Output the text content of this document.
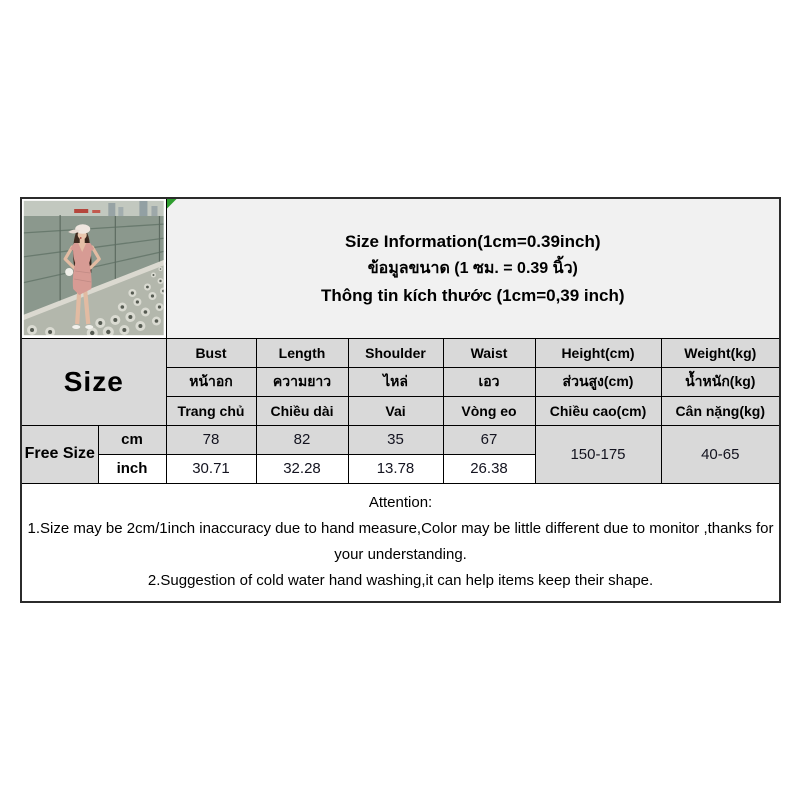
Size Information(1cm=0.39inch)
ข้อมูลขนาด (1 ซม. = 0.39 นิ้ว)
Thông tin kích thước (1cm=0,39 inch)					

Size		Bust	Length	Shoulder	Waist	Height(cm)	Weight(kg)
		หน้าอก	ความยาว	ไหล่	เอว	ส่วนสูง(cm)	น้ำหนัก(kg)
		Trang chủ	Chiều dài	Vai	Vòng eo	Chiều cao(cm)	Cân nặng(kg)
Free Size	cm	78	82	35	67	150-175	40-65
	inch	30.71	32.28	13.78	26.38		

Attention:
1.Size may be 2cm/1inch inaccuracy due to hand measure,Color may be little different due to monitor ,thanks for your understanding.
2.Suggestion of cold water hand washing,it can help items keep their shape.							
